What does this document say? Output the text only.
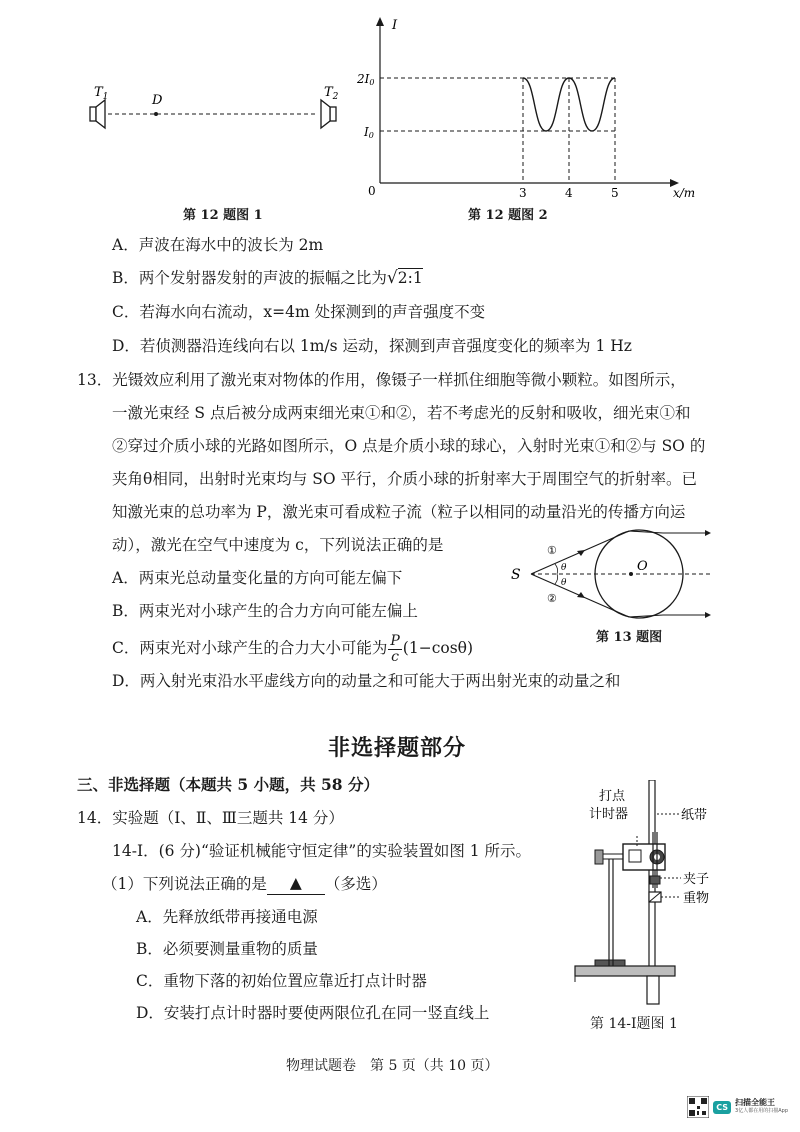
$T_1$	D
$T_2$
第 12 题图 1
I
2I0
I0
0	3	4	5	x/m
第 12 题图 2
A．声波在海水中的波长为 2m
B．两个发射器发射的声波的振幅之比为√2:1
C．若海水向右流动，x=4m 处探测到的声音强度不变
D．若侦测器沿连线向右以 1m/s 运动，探测到声音强度变化的频率为 1 Hz
13．光镊效应利用了激光束对物体的作用，像镊子一样抓住细胞等微小颗粒。如图所示，
一激光束经 S 点后被分成两束细光束①和②，若不考虑光的反射和吸收，细光束①和
②穿过介质小球的光路如图所示，O 点是介质小球的球心，入射时光束①和②与 SO 的
夹角θ相同，出射时光束均与 SO 平行，介质小球的折射率大于周围空气的折射率。已
知激光束的总功率为 P，激光束可看成粒子流（粒子以相同的动量沿光的传播方向运
动），激光在空气中速度为 c，下列说法正确的是
A．两束光总动量变化量的方向可能左偏下
B．两束光对小球产生的合力方向可能左偏上
C．两束光对小球产生的合力大小可能为 $\frac{P}{c} (1-\cos\theta)$
D．两入射光束沿水平虚线方向的动量之和可能大于两出射光束的动量之和
S
O
①
②
θ
θ
第 13 题图
非选择题部分
三、非选择题（本题共 5 小题，共 58 分）
14．实验题（Ⅰ、Ⅱ、Ⅲ三题共 14 分）
14-Ⅰ．(6 分)“验证机械能守恒定律”的实验装置如图 1 所示。
（1）下列说法正确的是 ▲ （多选）
A．先释放纸带再接通电源
B．必须要测量重物的质量
C．重物下落的初始位置应靠近打点计时器
D．安装打点计时器时要使两限位孔在同一竖直线上
打点
计时器	纸带
夹子
重物
第 14-Ⅰ题图 1
物理试题卷　第 5 页（共 10 页）
CS 扫描全能王
3亿人都在用的扫描App
